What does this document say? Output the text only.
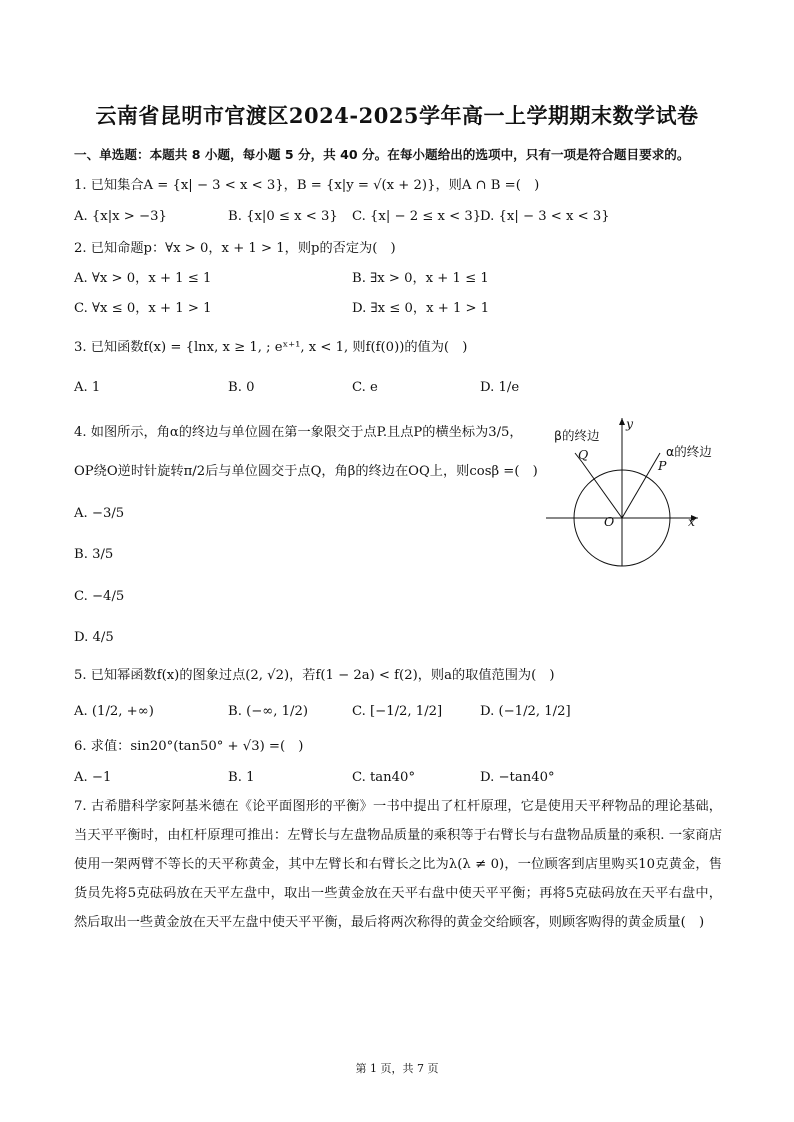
云南省昆明市官渡区2024-2025学年高一上学期期末数学试卷
一、单选题：本题共 8 小题，每小题 5 分，共 40 分。在每小题给出的选项中，只有一项是符合题目要求的。
1. 已知集合A = {x| − 3 < x < 3}，B = {x|y = √(x + 2)}，则A ∩ B =(　)
A. {x|x > −3}	B. {x|0 ≤ x < 3} C. {x| − 2 ≤ x < 3}
D. {x| − 3 < x < 3}
2. 已知命题p：∀x > 0，x + 1 > 1，则p的否定为(　)
A. ∀x > 0，x + 1 ≤ 1	B. ∃x > 0，x + 1 ≤ 1
C. ∀x ≤ 0，x + 1 > 1	D. ∃x ≤ 0，x + 1 > 1
3. 已知函数f(x) = {lnx, x ≥ 1, ; eˣ⁺¹, x < 1, 则f(f(0))的值为(　)
A. 1	B. 0	C. e	D. 1/e
4. 如图所示，角α的终边与单位圆在第一象限交于点P.且点P的横坐标为3/5，
OP绕O逆时针旋转π/2后与单位圆交于点Q，角β的终边在OQ上，则cosβ =(　)
A. −3/5
B. 3/5
C. −4/5
D. 4/5
β的终边
α的终边
Q
P
O	x
y
5. 已知幂函数f(x)的图象过点(2, √2)，若f(1 − 2a) < f(2)，则a的取值范围为(　)
A. (1/2, +∞)	B. (−∞, 1/2)	C. [−1/2, 1/2]	D. (−1/2, 1/2]
6. 求值：sin20°(tan50° + √3) =(　)
A. −1	B. 1	C. tan40°	D. −tan40°
7. 古希腊科学家阿基米德在《论平面图形的平衡》一书中提出了杠杆原理，它是使用天平秤物品的理论基础，当天平平衡时，由杠杆原理可推出：左臂长与左盘物品质量的乘积等于右臂长与右盘物品质量的乘积. 一家商店使用一架两臂不等长的天平称黄金，其中左臂长和右臂长之比为λ(λ ≠ 0)，一位顾客到店里购买10克黄金，售货员先将5克砝码放在天平左盘中，取出一些黄金放在天平右盘中使天平平衡；再将5克砝码放在天平右盘中，然后取出一些黄金放在天平左盘中使天平平衡，最后将两次称得的黄金交给顾客，则顾客购得的黄金质量(　)
第 1 页，共 7 页
